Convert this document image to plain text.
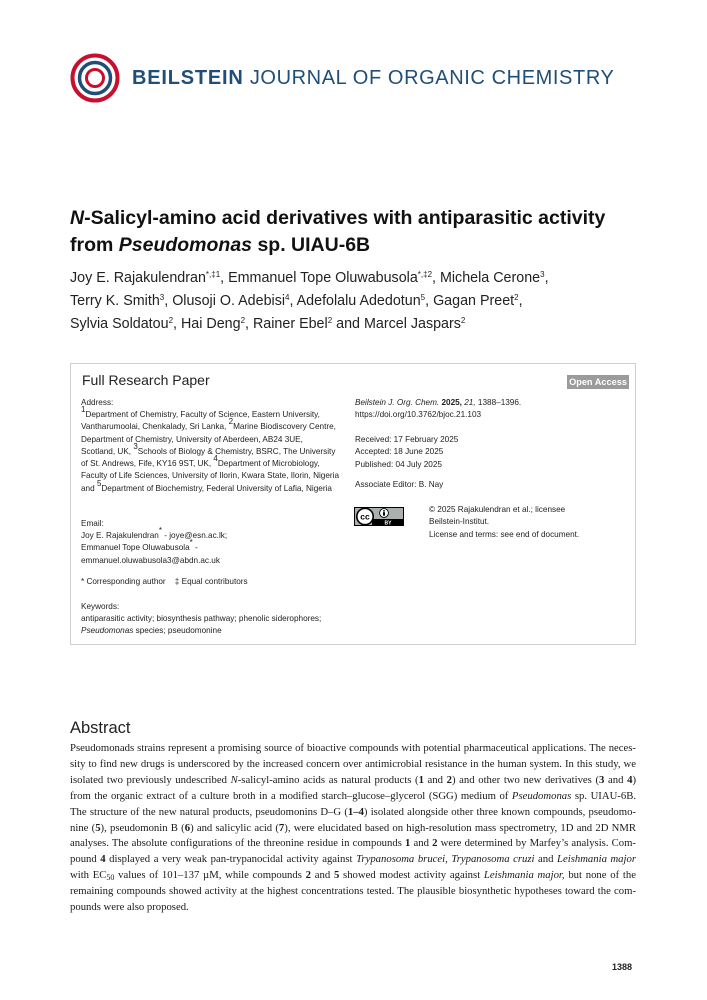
BEILSTEIN JOURNAL OF ORGANIC CHEMISTRY
N-Salicyl-amino acid derivatives with antiparasitic activity
from Pseudomonas sp. UIAU-6B
Joy E. Rajakulendran$^{*,\ddagger 1}$, Emmanuel Tope Oluwabusola$^{*,\ddagger 2}$, Michela Cerone$^3$,
Terry K. Smith$^3$, Olusoji O. Adebisi$^4$, Adefolalu Adedotun$^5$, Gagan Preet$^2$,
Sylvia Soldatou$^2$, Hai Deng$^2$, Rainer Ebel$^2$ and Marcel Jaspars$^2$
Full Research Paper	Open Access
Address:
$^1$Department of Chemistry, Faculty of Science, Eastern University, Vantharumoolai, Chenkalady, Sri Lanka, $^2$Marine Biodiscovery Centre, Department of Chemistry, University of Aberdeen, AB24 3UE, Scotland, UK, $^3$Schools of Biology & Chemistry, BSRC, The University of St. Andrews, Fife, KY16 9ST, UK, $^4$Department of Microbiology, Faculty of Life Sciences, University of Ilorin, Kwara State, Ilorin, Nigeria and $^5$Department of Biochemistry, Federal University of Lafia, Nigeria
Email:
Joy E. Rajakulendran* - joye@esn.ac.lk;
Emmanuel Tope Oluwabusola* -
emmanuel.oluwabusola3@abdn.ac.uk
* Corresponding author ‡ Equal contributors
Keywords:
antiparasitic activity; biosynthesis pathway; phenolic siderophores;
Pseudomonas species; pseudomonine
Beilstein J. Org. Chem. 2025, 21, 1388–1396.
https://doi.org/10.3762/bjoc.21.103
Received: 17 February 2025
Accepted: 18 June 2025
Published: 04 July 2025
Associate Editor: B. Nay
cc
BY
© 2025 Rajakulendran et al.; licensee
Beilstein-Institut.
License and terms: see end of document.
Abstract
Pseudomonads strains represent a promising source of bioactive compounds with potential pharmaceutical applications. The neces-sity to find new drugs is underscored by the increased concern over antimicrobial resistance in the human system. In this study, we isolated two previously undescribed N-salicyl-amino acids as natural products (1 and 2) and other two new derivatives (3 and 4) from the organic extract of a culture broth in a modified starch–glucose–glycerol (SGG) medium of Pseudomonas sp. UIAU-6B. The structure of the new natural products, pseudomonins D–G (1–4) isolated alongside other three known compounds, pseudomo-nine (5), pseudomonin B (6) and salicylic acid (7), were elucidated based on high-resolution mass spectrometry, 1D and 2D NMR analyses. The absolute configurations of the threonine residue in compounds 1 and 2 were determined by Marfey’s analysis. Com-pound 4 displayed a very weak pan-trypanocidal activity against Trypanosoma brucei, Trypanosoma cruzi and Leishmania major with $EC_{50}$ values of 101–137 µM, while compounds 2 and 5 showed modest activity against Leishmania major, but none of the remaining compounds showed activity at the highest concentrations tested. The plausible biosynthetic hypotheses toward the com-pounds were also proposed.
1388
